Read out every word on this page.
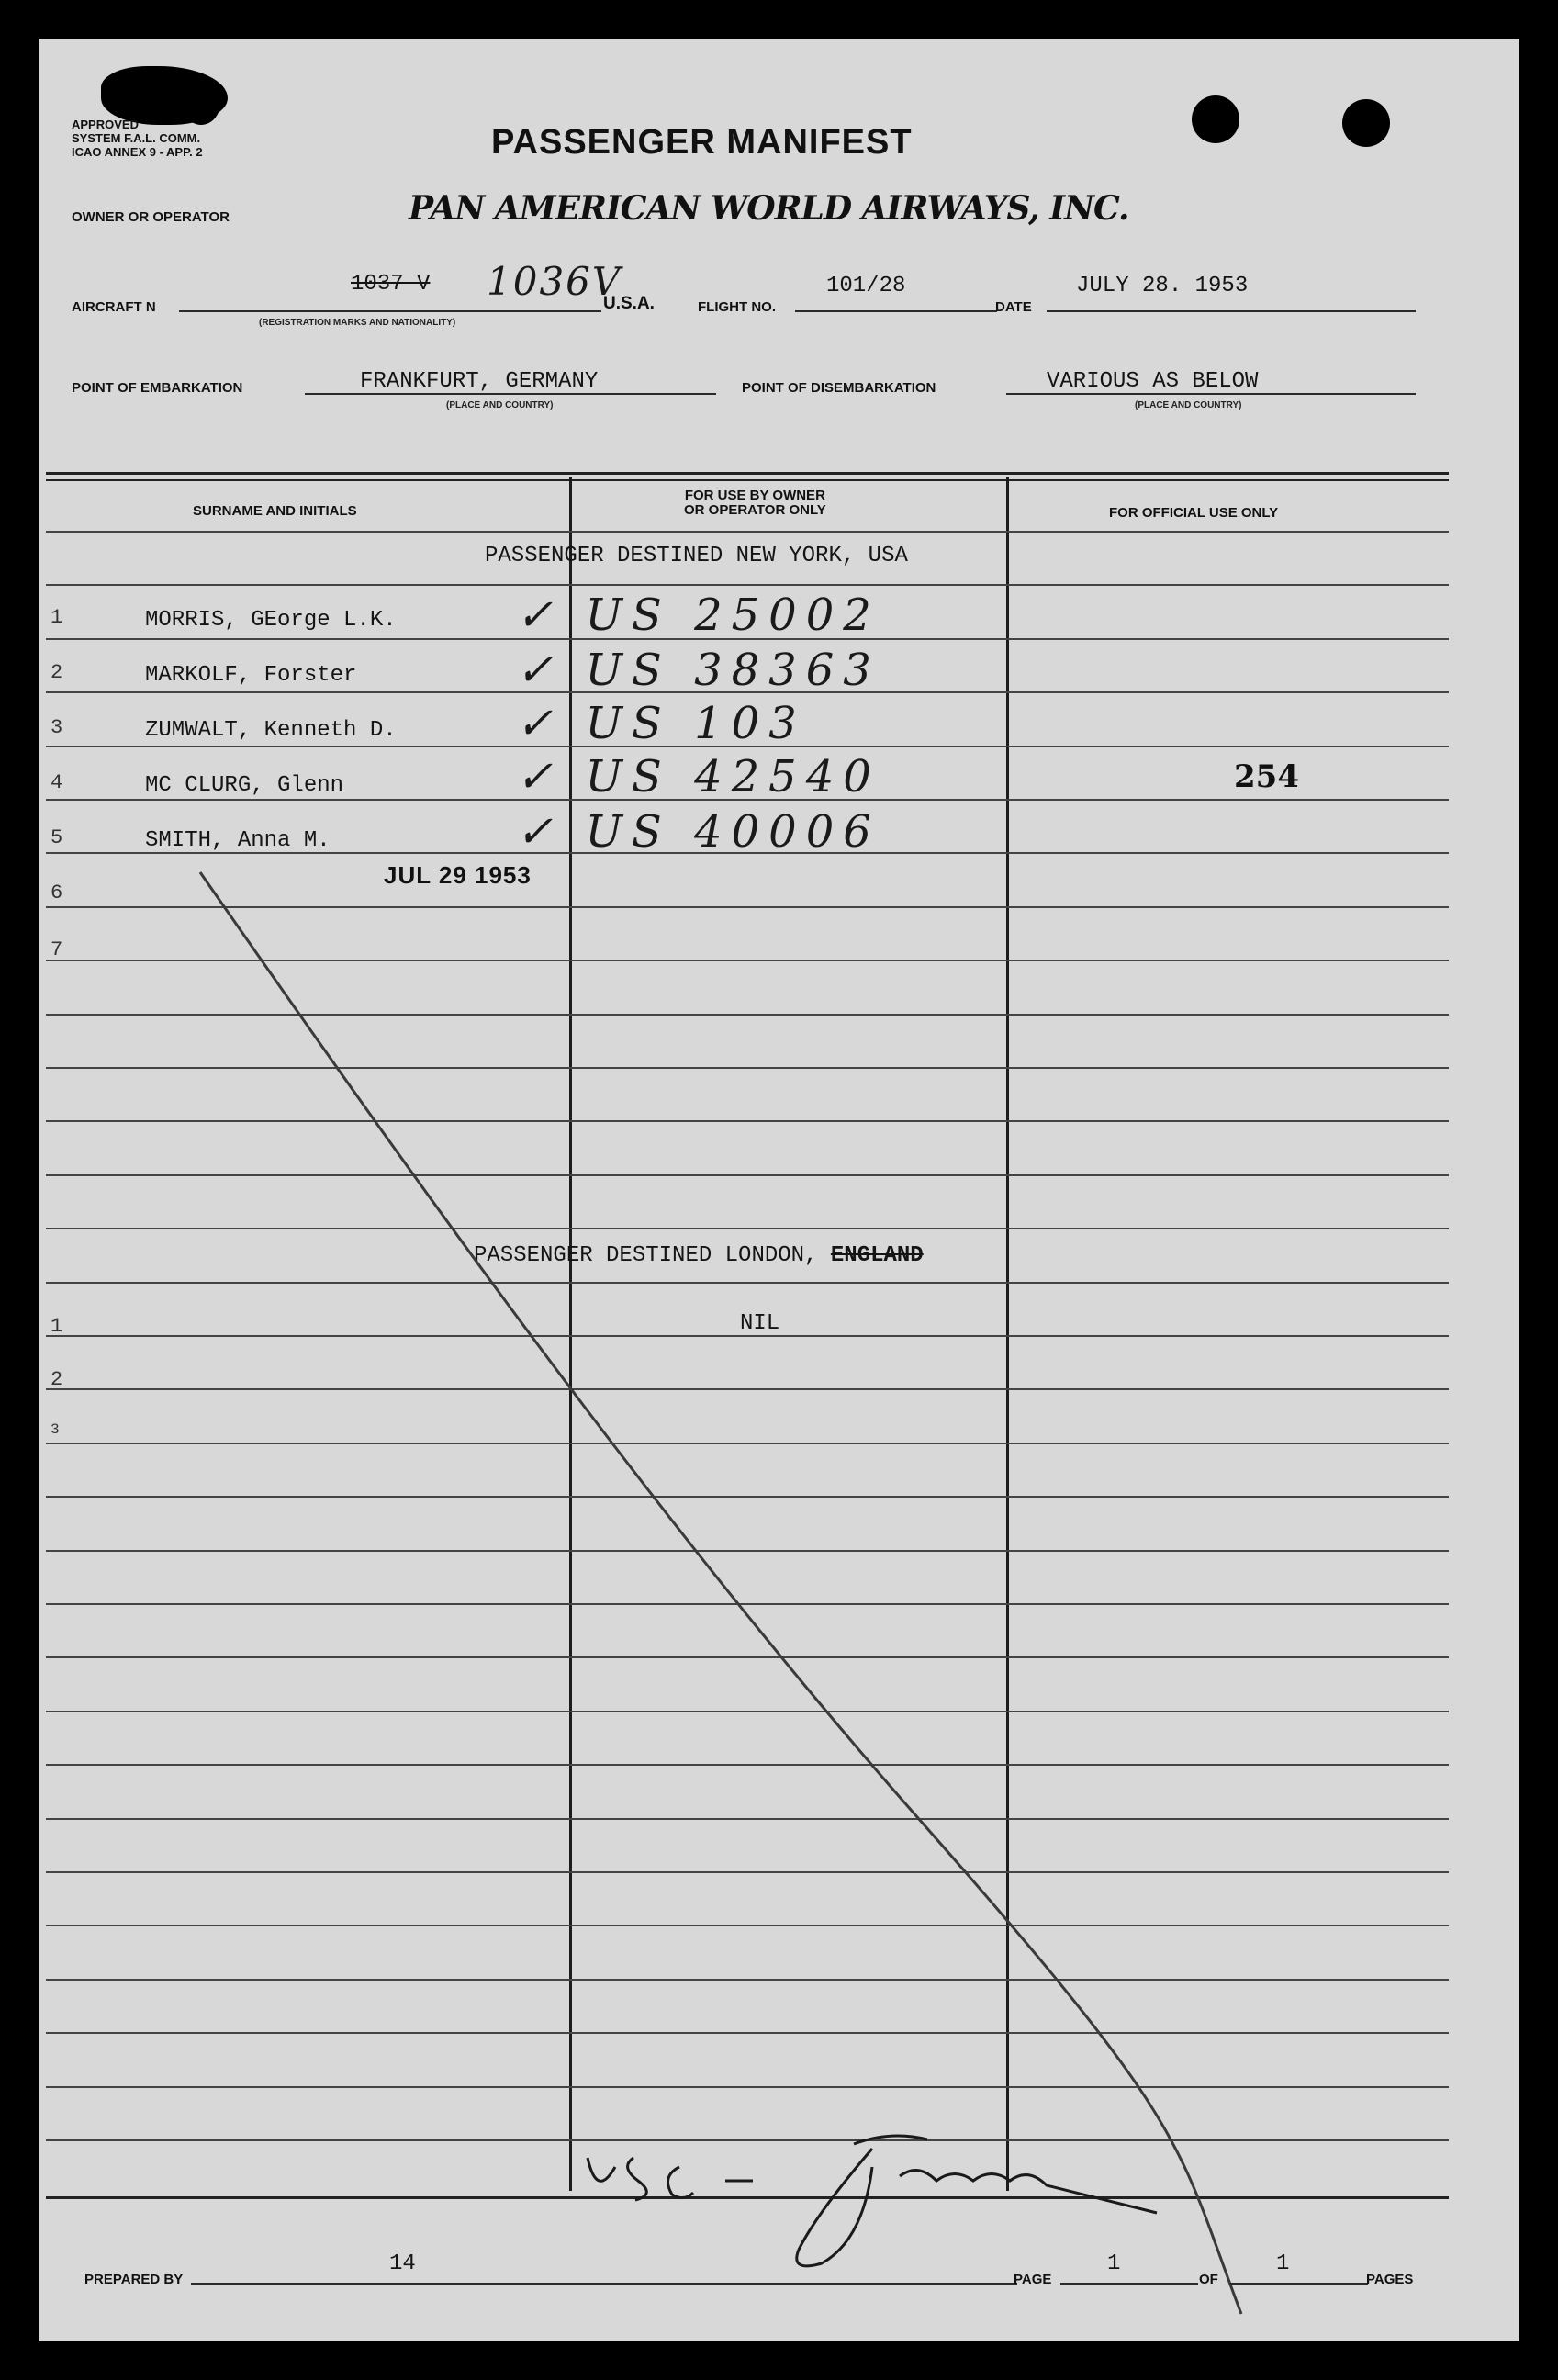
APPROVED
SYSTEM F.A.L. COMM.
ICAO ANNEX 9 - APP. 2	PASSENGER MANIFEST
OWNER OR OPERATOR	PAN AMERICAN WORLD AIRWAYS, INC.
AIRCRAFT N
1037 V 1036V
U.S.A.
(REGISTRATION MARKS AND NATIONALITY)
FLIGHT NO.
101/28
DATE
JULY 28. 1953
POINT OF EMBARKATION	FRANKFURT, GERMANY
(PLACE AND COUNTRY)
POINT OF DISEMBARKATION	VARIOUS AS BELOW
(PLACE AND COUNTRY)
SURNAME AND INITIALS
FOR USE BY OWNER
OR OPERATOR ONLY	FOR OFFICIAL USE ONLY
PASSENGER DESTINED NEW YORK, USA
1	MORRIS, GEorge L.K.	✓ US 25002
2	MARKOLF, Forster	✓ US 38363
3	ZUMWALT, Kenneth D.	✓ US 103
4	MC CLURG, Glenn	✓ US 42540	254
5	SMITH, Anna M.	✓ US 40006
6
7
JUL 29 1953
PASSENGER DESTINED LONDON, ENGLAND
NIL
1
2
3
PREPARED BY
14
PAGE
1
OF
1
PAGES
